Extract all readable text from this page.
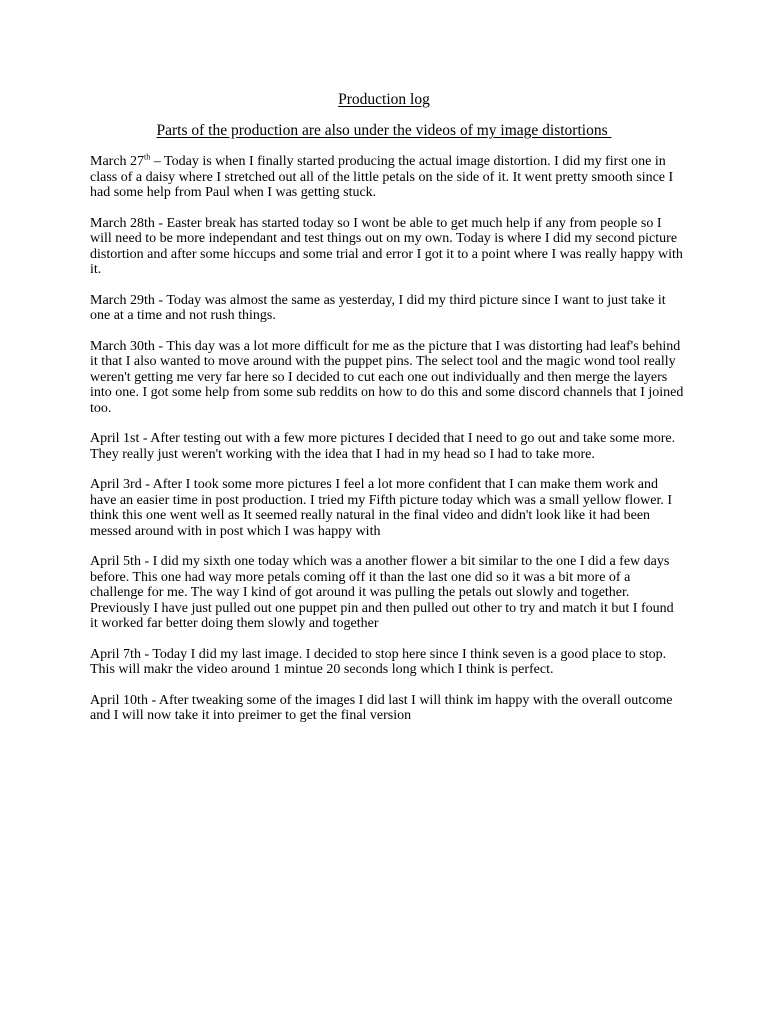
Production log
Parts of the production are also under the videos of my image distortions

March 27th – Today is when I finally started producing the actual image distortion. I did my first one in class of a daisy where I stretched out all of the little petals on the side of it. It went pretty smooth since I had some help from Paul when I was getting stuck.

March 28th - Easter break has started today so I wont be able to get much help if any from people so I will need to be more independant and test things out on my own. Today is where I did my second picture distortion and after some hiccups and some trial and error I got it to a point where I was really happy with it.

March 29th - Today was almost the same as yesterday, I did my third picture since I want to just take it one at a time and not rush things.

March 30th - This day was a lot more difficult for me as the picture that I was distorting had leaf's behind it that I also wanted to move around with the puppet pins. The select tool and the magic wond tool really weren't getting me very far here so I decided to cut each one out individually and then merge the layers into one. I got some help from some sub reddits on how to do this and some discord channels that I joined too.

April 1st - After testing out with a few more pictures I decided that I need to go out and take some more. They really just weren't working with the idea that I had in my head so I had to take more.

April 3rd - After I took some more pictures I feel a lot more confident that I can make them work and have an easier time in post production. I tried my Fifth picture today which was a small yellow flower. I think this one went well as It seemed really natural in the final video and didn't look like it had been messed around with in post which I was happy with

April 5th - I did my sixth one today which was a another flower a bit similar to the one I did a few days before. This one had way more petals coming off it than the last one did so it was a bit more of a challenge for me. The way I kind of got around it was pulling the petals out slowly and together. Previously I have just pulled out one puppet pin and then pulled out other to try and match it but I found it worked far better doing them slowly and together

April 7th - Today I did my last image. I decided to stop here since I think seven is a good place to stop. This will makr the video around 1 mintue 20 seconds long which I think is perfect.

April 10th - After tweaking some of the images I did last I will think im happy with the overall outcome and I will now take it into preimer to get the final version
